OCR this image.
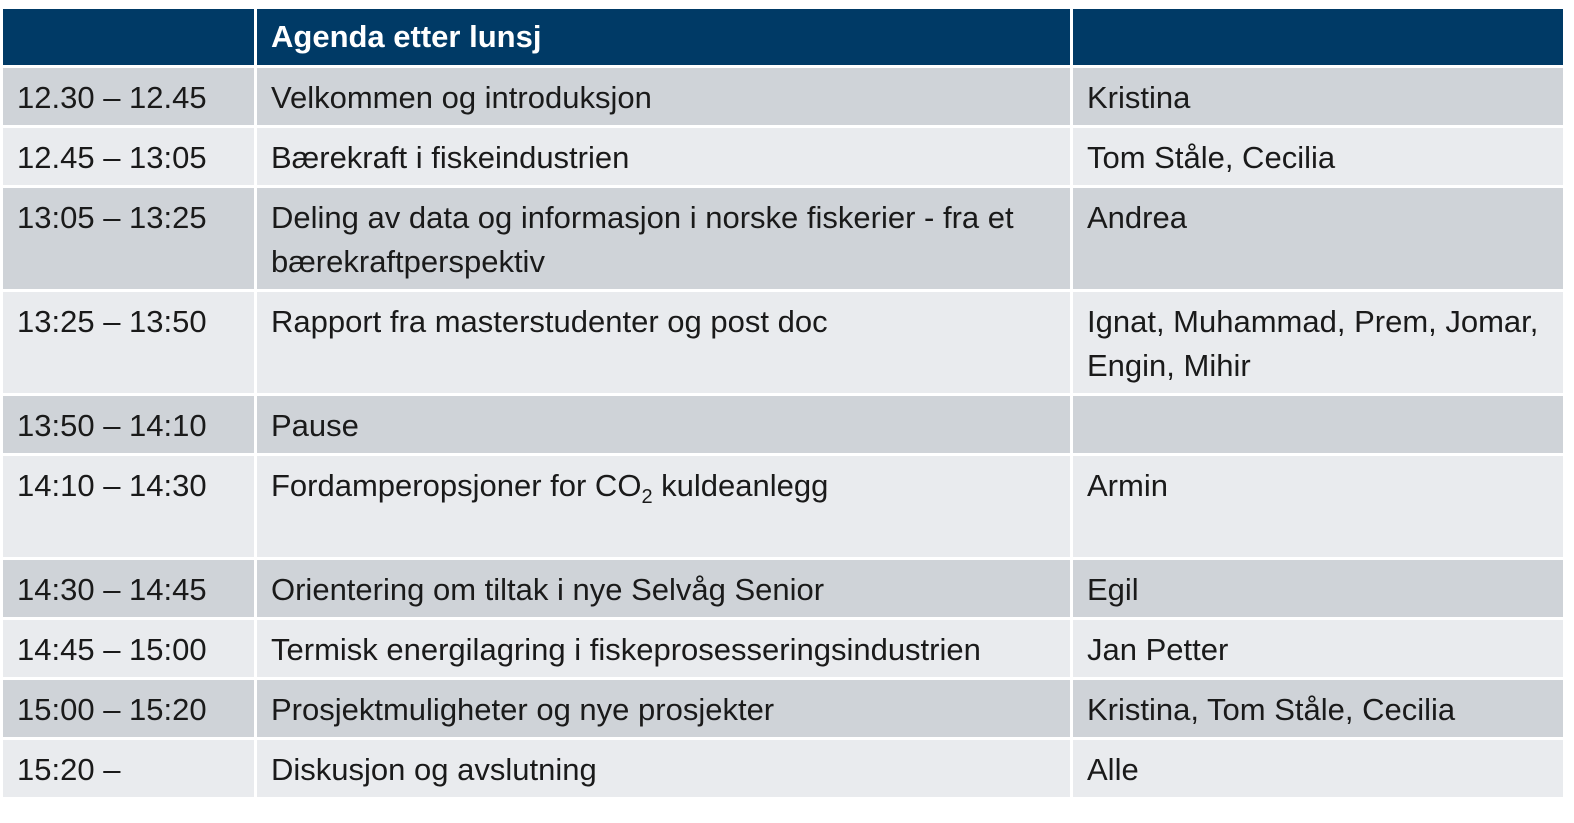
	Agenda etter lunsj	
12.30 – 12.45	Velkommen og introduksjon	Kristina
12.45 – 13:05	Bærekraft i fiskeindustrien	Tom Ståle, Cecilia
13:05 – 13:25	Deling av data og informasjon i norske fiskerier - fra et bærekraftperspektiv	Andrea
13:25 – 13:50	Rapport fra masterstudenter og post doc	Ignat, Muhammad, Prem, Jomar, Engin, Mihir
13:50 – 14:10	Pause	
14:10 – 14:30	Fordamperopsjoner for $CO_2$ kuldeanlegg	Armin
14:30 – 14:45	Orientering om tiltak i nye Selvåg Senior	Egil
14:45 – 15:00	Termisk energilagring i fiskeprosesseringsindustrien	Jan Petter
15:00 – 15:20	Prosjektmuligheter og nye prosjekter	Kristina, Tom Ståle, Cecilia
15:20 –	Diskusjon og avslutning	Alle
